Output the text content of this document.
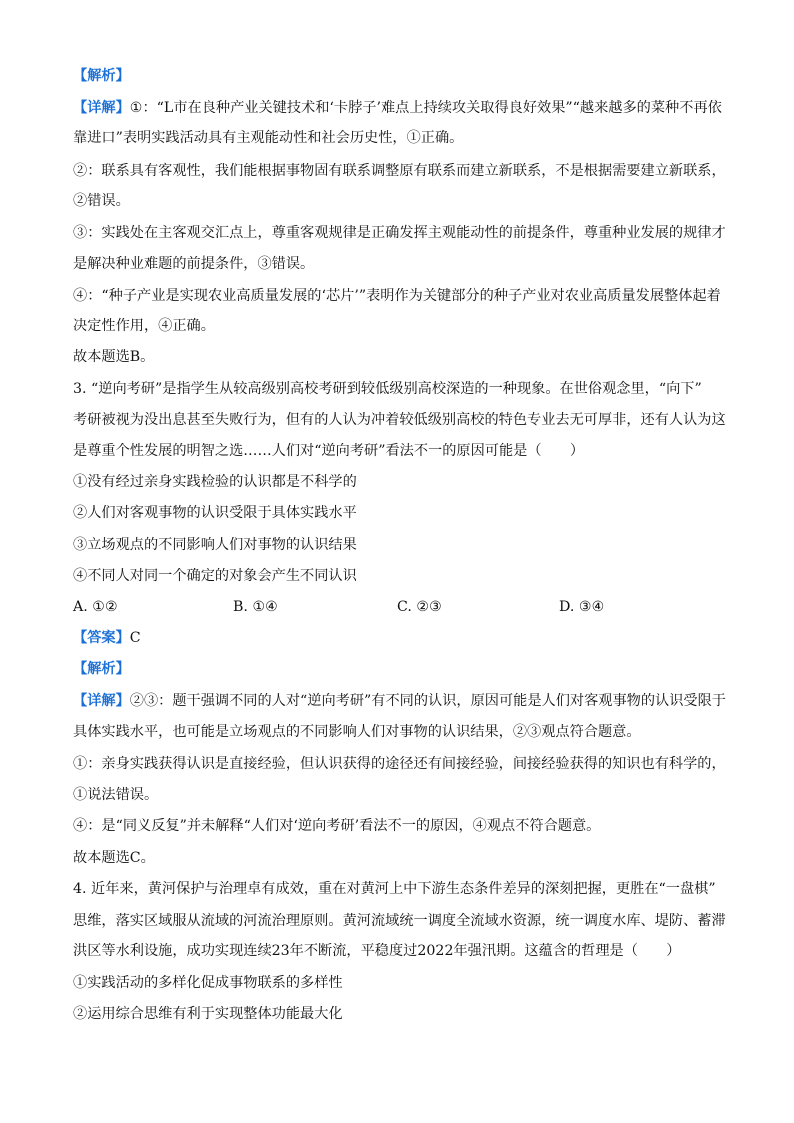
【解析】
【详解】①：“L市在良种产业关键技术和‘卡脖子’难点上持续攻关取得良好效果”“越来越多的菜种不再依
靠进口”表明实践活动具有主观能动性和社会历史性，①正确。
②：联系具有客观性，我们能根据事物固有联系调整原有联系而建立新联系，不是根据需要建立新联系，
②错误。
③：实践处在主客观交汇点上，尊重客观规律是正确发挥主观能动性的前提条件，尊重种业发展的规律才
是解决种业难题的前提条件，③错误。
④：“种子产业是实现农业高质量发展的‘芯片’”表明作为关键部分的种子产业对农业高质量发展整体起着
决定性作用，④正确。
故本题选B。
3. “逆向考研”是指学生从较高级别高校考研到较低级别高校深造的一种现象。在世俗观念里，“向下”
考研被视为没出息甚至失败行为，但有的人认为冲着较低级别高校的特色专业去无可厚非，还有人认为这
是尊重个性发展的明智之选……人们对“逆向考研”看法不一的原因可能是（　　）
①没有经过亲身实践检验的认识都是不科学的
②人们对客观事物的认识受限于具体实践水平
③立场观点的不同影响人们对事物的认识结果
④不同人对同一个确定的对象会产生不同认识
A. ①②	B. ①④	C. ②③	D. ③④
【答案】C
【解析】
【详解】②③：题干强调不同的人对“逆向考研”有不同的认识，原因可能是人们对客观事物的认识受限于
具体实践水平，也可能是立场观点的不同影响人们对事物的认识结果，②③观点符合题意。
①：亲身实践获得认识是直接经验，但认识获得的途径还有间接经验，间接经验获得的知识也有科学的，
①说法错误。
④：是“同义反复”并未解释“人们对‘逆向考研’看法不一的原因，④观点不符合题意。
故本题选C。
4. 近年来，黄河保护与治理卓有成效，重在对黄河上中下游生态条件差异的深刻把握，更胜在“一盘棋”
思维，落实区域服从流域的河流治理原则。黄河流域统一调度全流域水资源，统一调度水库、堤防、蓄滞
洪区等水利设施，成功实现连续23年不断流，平稳度过2022年强汛期。这蕴含的哲理是（　　）
①实践活动的多样化促成事物联系的多样性
②运用综合思维有利于实现整体功能最大化
